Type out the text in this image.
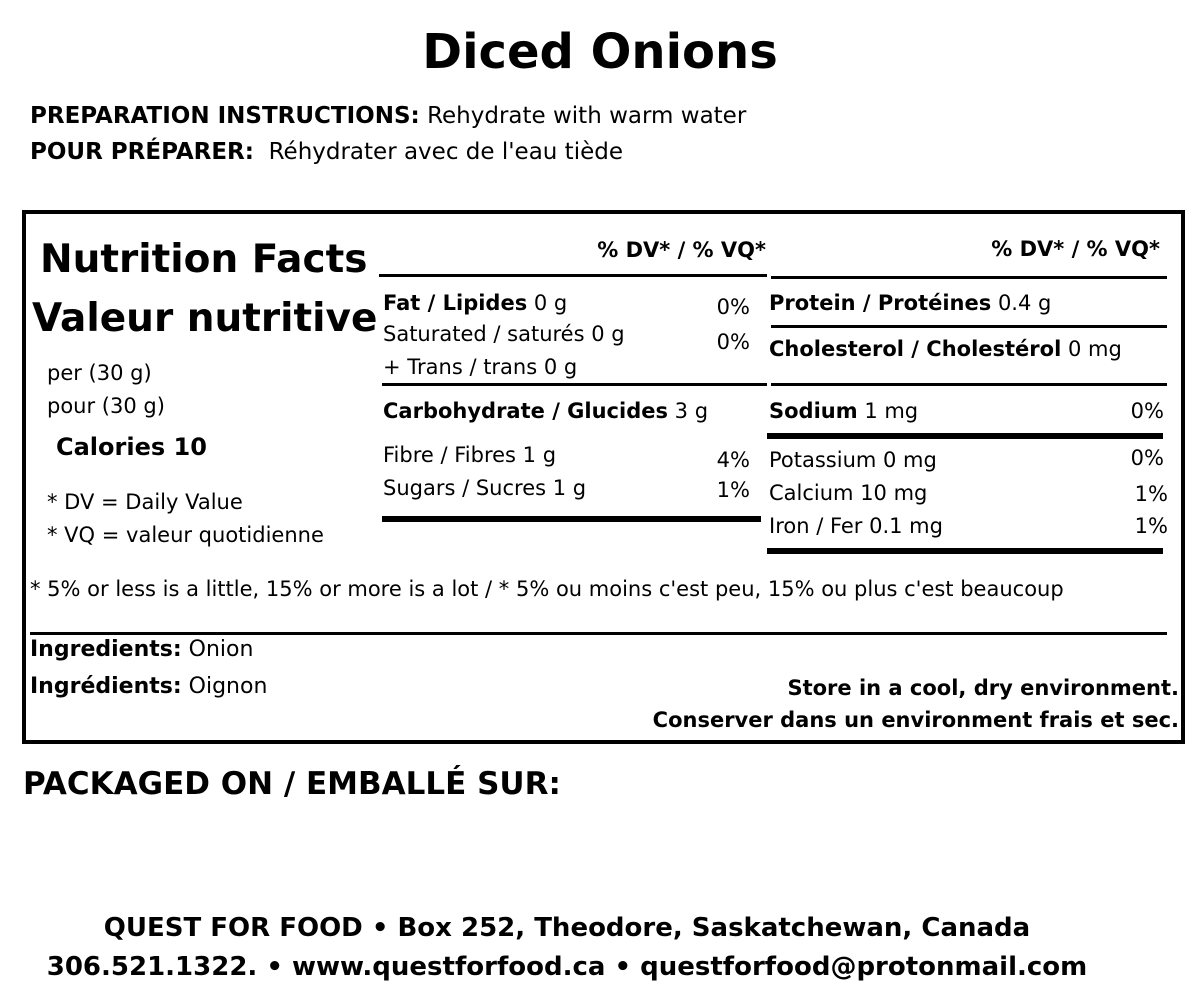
Diced Onions
PREPARATION INSTRUCTIONS: Rehydrate with warm water
POUR PRÉPARER: Réhydrater avec de l'eau tiède
Nutrition Facts
Valeur nutritive
per (30 g)
pour (30 g)
Calories 10
* DV = Daily Value
* VQ = valeur quotidienne
% DV* / % VQ*
Fat / Lipides 0 g	0%
Saturated / saturés 0 g	0%
+ Trans / trans 0 g
Carbohydrate / Glucides 3 g
Fibre / Fibres 1 g	4%
Sugars / Sucres 1 g	1%
% DV* / % VQ*
Protein / Protéines 0.4 g
Cholesterol / Cholestérol 0 mg
Sodium 1 mg	0%
Potassium 0 mg	0%
Calcium 10 mg	1%
Iron / Fer 0.1 mg	1%
* 5% or less is a little, 15% or more is a lot / * 5% ou moins c'est peu, 15% ou plus c'est beaucoup
Ingredients: Onion
Ingrédients: Oignon	Store in a cool, dry environment.
Conserver dans un environment frais et sec.
PACKAGED ON / EMBALLÉ SUR:
QUEST FOR FOOD • Box 252, Theodore, Saskatchewan, Canada
306.521.1322. • www.questforfood.ca • questforfood@protonmail.com
